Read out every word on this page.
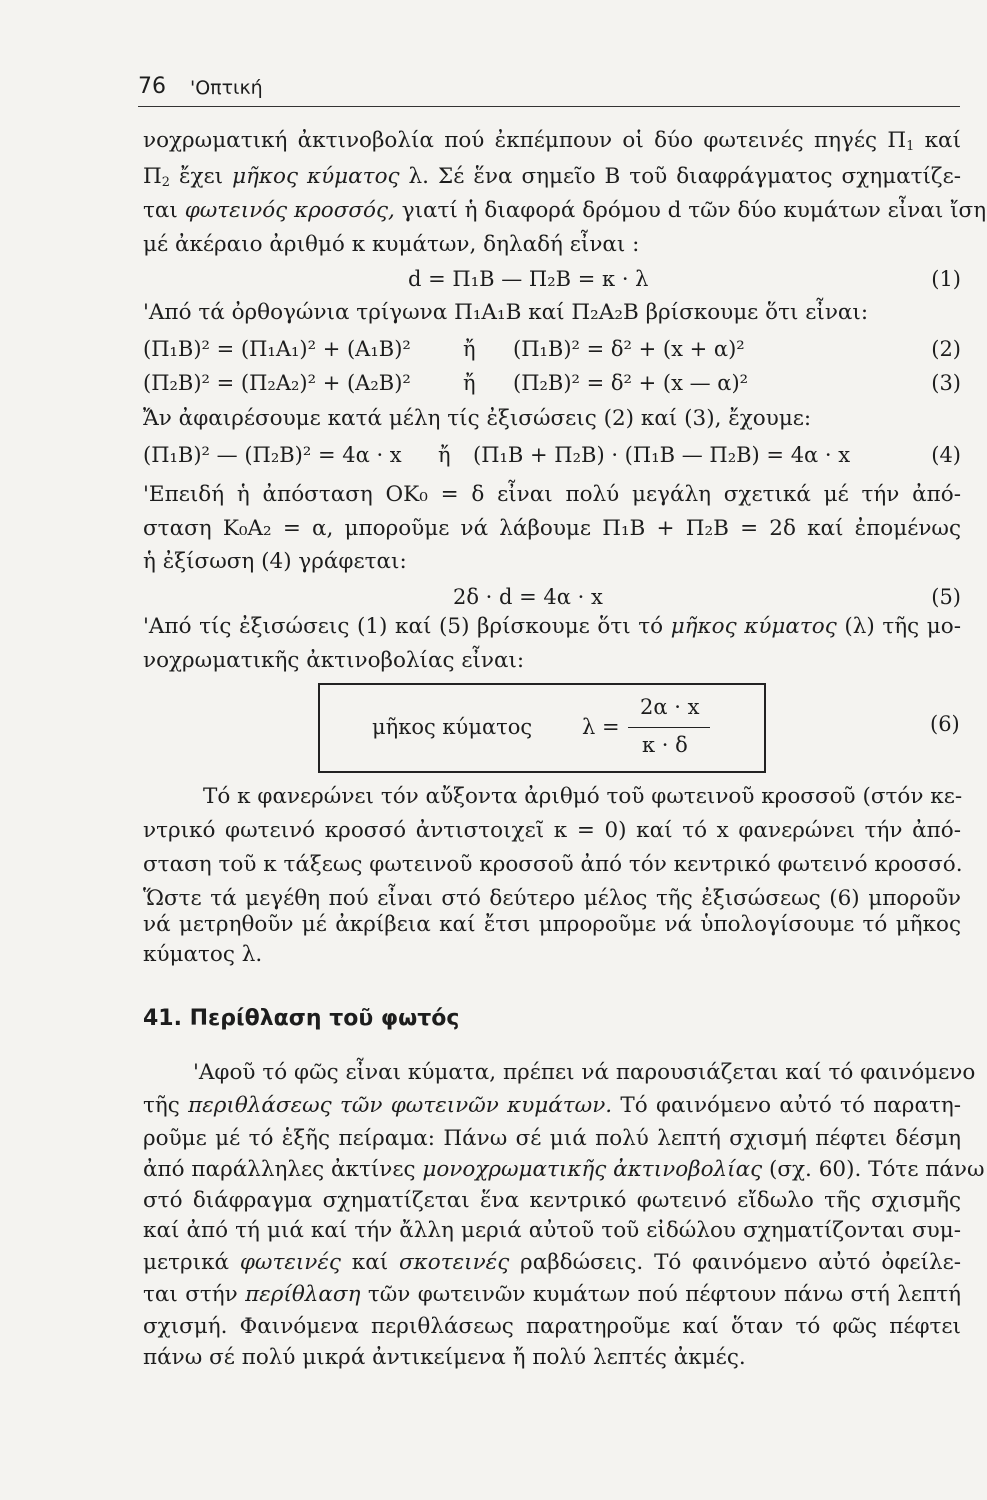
76 'Οπτική
νοχρωματική ἀκτινοβολία πού ἐκπέμπουν οἱ δύο φωτεινές πηγές $\Pi_1$ καί
$\Pi_2$ ἔχει μῆκος κύματος λ. Σέ ἕνα σημεῖο Β τοῦ διαφράγματος σχηματίζε-
ται φωτεινός κροσσός, γιατί ἡ διαφορά δρόμου d τῶν δύο κυμάτων εἶναι ἴση
μέ ἀκέραιο ἀριθμό κ κυμάτων, δηλαδή εἶναι :
d = Π₁Β — Π₂Β = κ · λ	(1)
'Από τά ὀρθογώνια τρίγωνα Π₁Α₁Β καί Π₂Α₂Β βρίσκουμε ὅτι εἶναι:
(Π₁Β)² = (Π₁Α₁)² + (Α₁Β)² ἤ (Π₁Β)² = δ² + (x + α)²	(2)
(Π₂Β)² = (Π₂Α₂)² + (Α₂Β)² ἤ (Π₂Β)² = δ² + (x — α)²	(3)
Ἄν ἀφαιρέσουμε κατά μέλη τίς ἐξισώσεις (2) καί (3), ἔχουμε:
(Π₁Β)² — (Π₂Β)² = 4α · x ἤ (Π₁Β + Π₂Β) · (Π₁Β — Π₂Β) = 4α · x	(4)
'Επειδή ἡ ἀπόσταση ΟΚ₀ = δ εἶναι πολύ μεγάλη σχετικά μέ τήν ἀπό-
σταση Κ₀Α₂ = α, μποροῦμε νά λάβουμε Π₁Β + Π₂Β = 2δ καί ἐπομένως
ἡ ἐξίσωση (4) γράφεται:
2δ · d = 4α · x	(5)
'Από τίς ἐξισώσεις (1) καί (5) βρίσκουμε ὅτι τό μῆκος κύματος (λ) τῆς μο-
νοχρωματικῆς ἀκτινοβολίας εἶναι:
μῆκος κύματος λ =
2α · x
κ · δ
(6)
Τό κ φανερώνει τόν αὔξοντα ἀριθμό τοῦ φωτεινοῦ κροσσοῦ (στόν κε-
ντρικό φωτεινό κροσσό ἀντιστοιχεῖ κ = 0) καί τό x φανερώνει τήν ἀπό-
σταση τοῦ κ τάξεως φωτεινοῦ κροσσοῦ ἀπό τόν κεντρικό φωτεινό κροσσό.
Ὥστε τά μεγέθη πού εἶναι στό δεύτερο μέλος τῆς ἐξισώσεως (6) μποροῦν
νά μετρηθοῦν μέ ἀκρίβεια καί ἔτσι μπροροῦμε νά ὑπολογίσουμε τό μῆκος
κύματος λ.
41. Περίθλαση τοῦ φωτός
'Αφοῦ τό φῶς εἶναι κύματα, πρέπει νά παρουσιάζεται καί τό φαινόμενο
τῆς περιθλάσεως τῶν φωτεινῶν κυμάτων. Τό φαινόμενο αὐτό τό παρατη-
ροῦμε μέ τό ἑξῆς πείραμα: Πάνω σέ μιά πολύ λεπτή σχισμή πέφτει δέσμη
ἀπό παράλληλες ἀκτίνες μονοχρωματικῆς ἀκτινοβολίας (σχ. 60). Τότε πάνω
στό διάφραγμα σχηματίζεται ἕνα κεντρικό φωτεινό εἴδωλο τῆς σχισμῆς
καί ἀπό τή μιά καί τήν ἄλλη μεριά αὐτοῦ τοῦ εἰδώλου σχηματίζονται συμ-
μετρικά φωτεινές καί σκοτεινές ραβδώσεις. Τό φαινόμενο αὐτό ὀφείλε-
ται στήν περίθλαση τῶν φωτεινῶν κυμάτων πού πέφτουν πάνω στή λεπτή
σχισμή. Φαινόμενα περιθλάσεως παρατηροῦμε καί ὅταν τό φῶς πέφτει
πάνω σέ πολύ μικρά ἀντικείμενα ἤ πολύ λεπτές ἀκμές.
